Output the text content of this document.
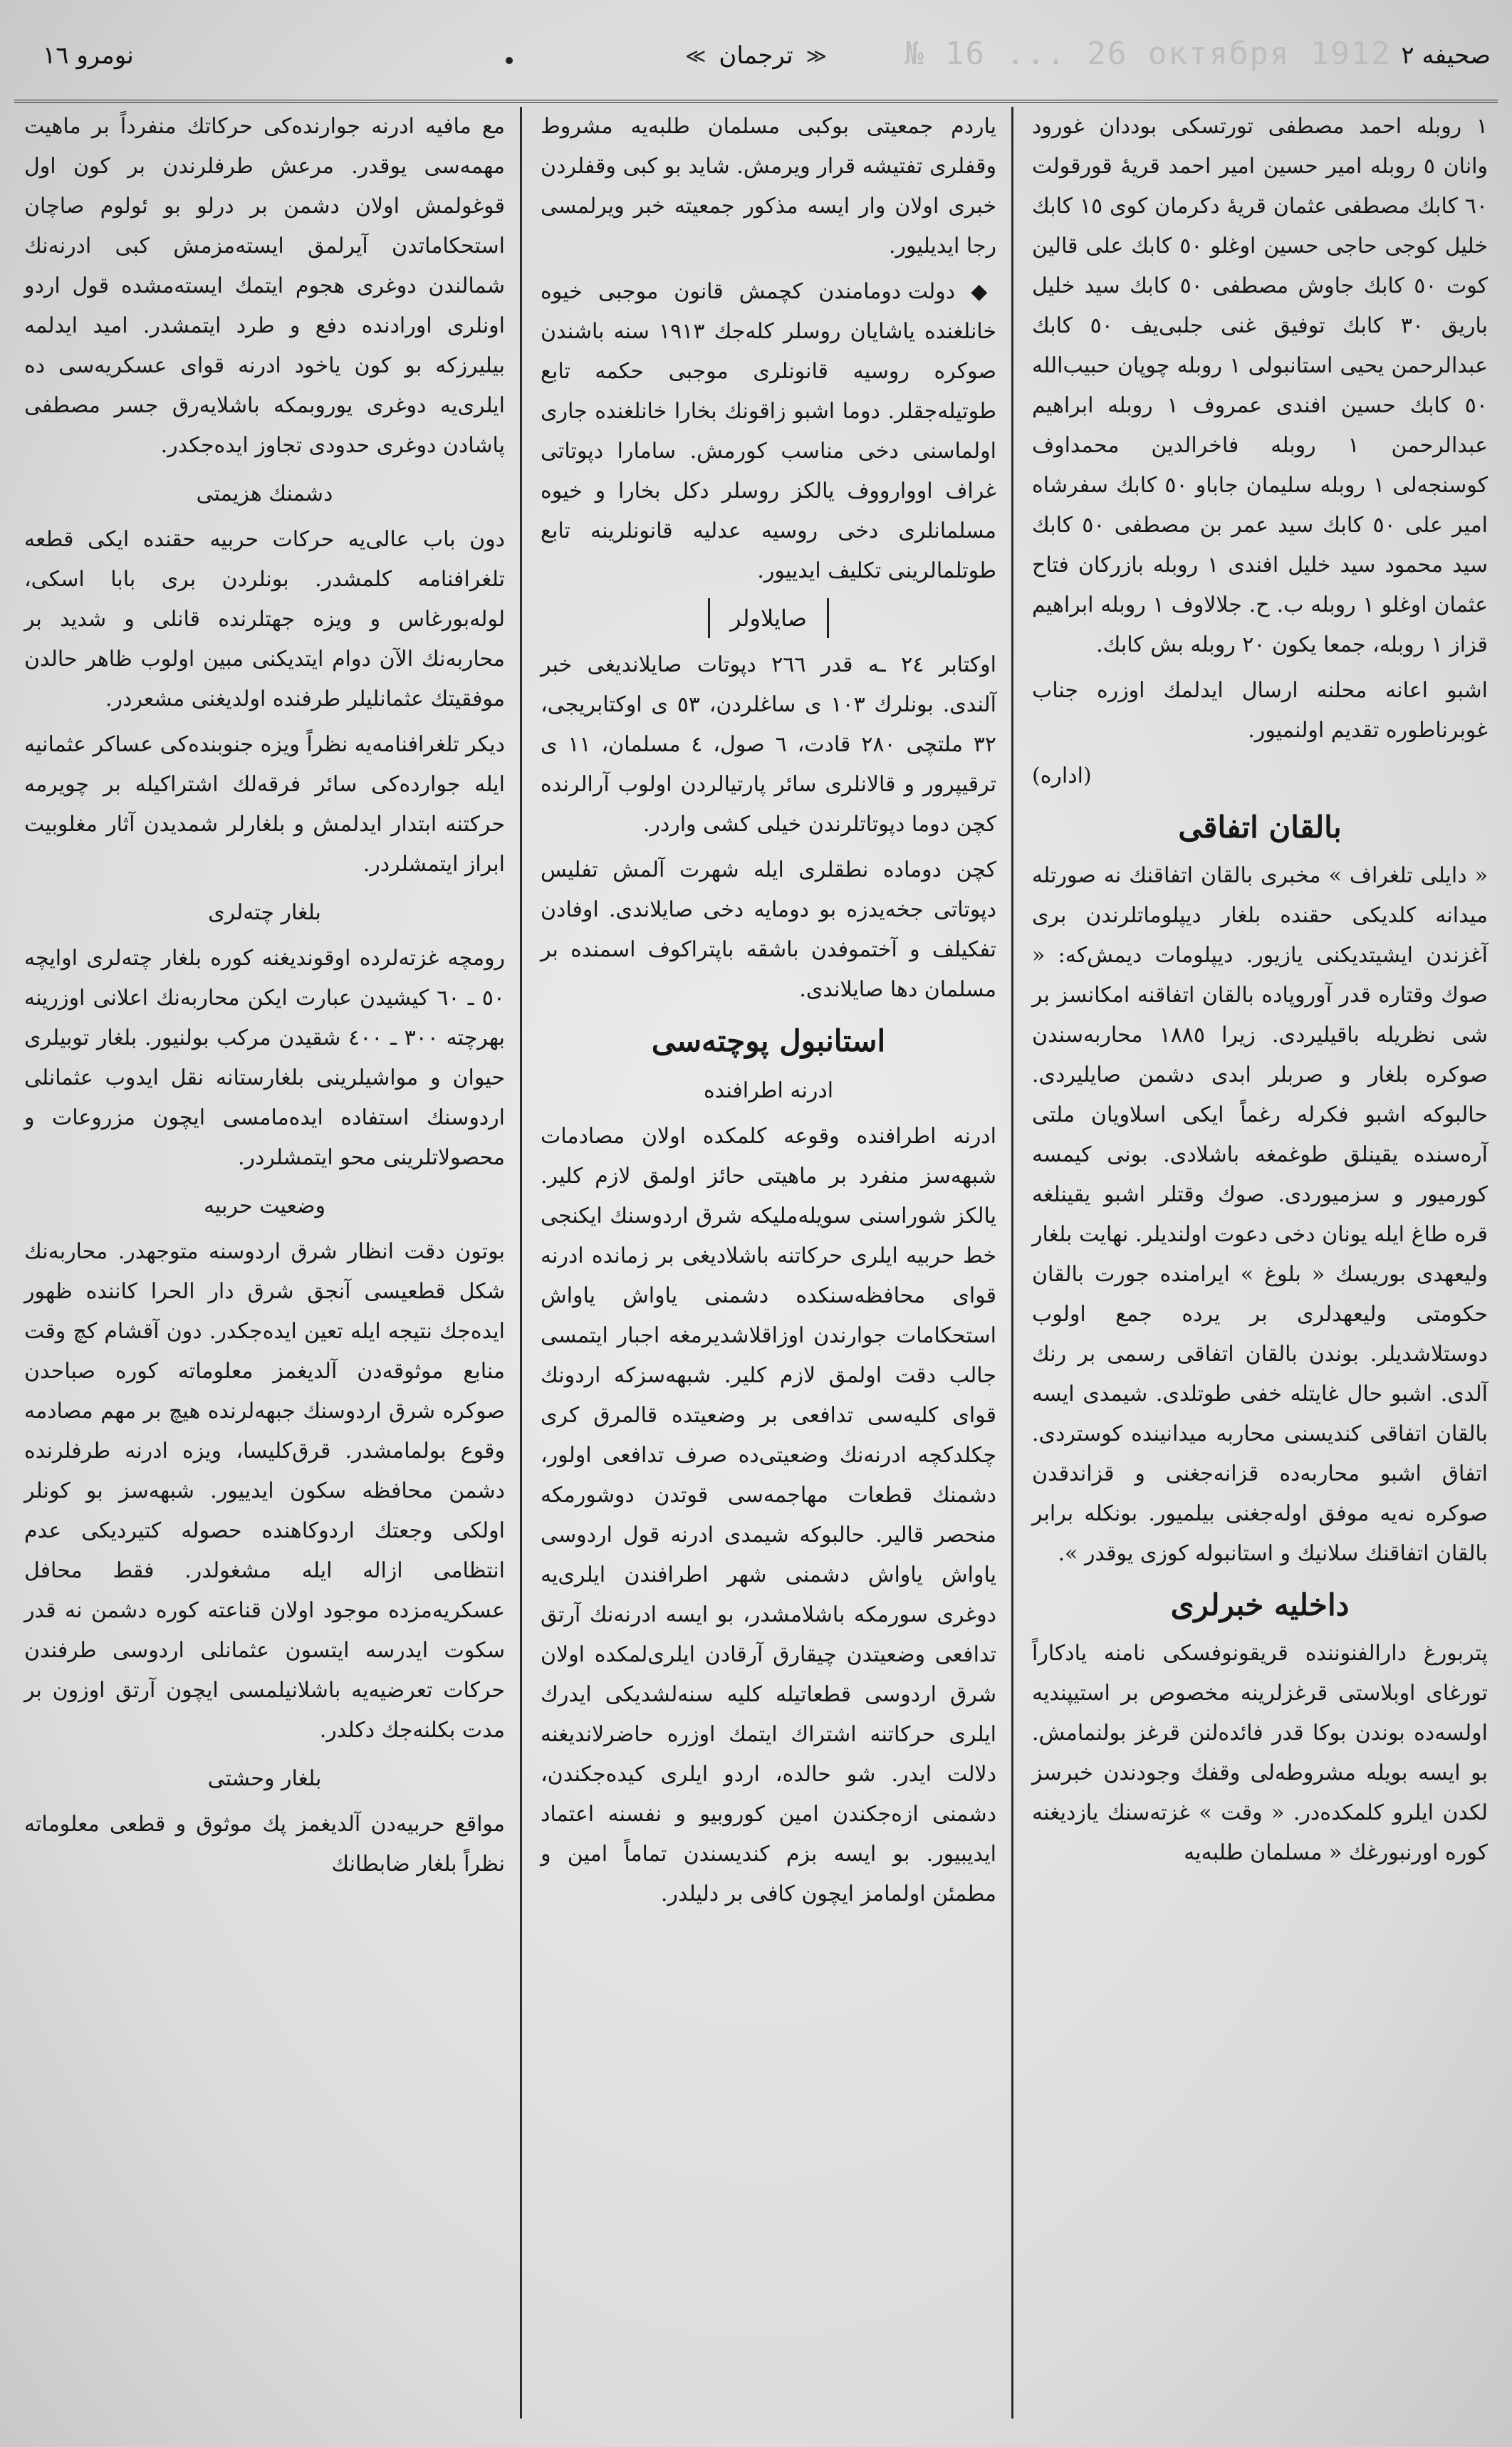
نومرو ١٦	№ 16 ... 26 октября 1912
≪
ترجمان
≫	صحیفه ٢

١ روبله احمد مصطفی تورتسکی بوددان غورود وانان ٥ روبله امیر حسین امیر احمد قریهٔ قورقولت ٦٠ کابك مصطفی عثمان قریهٔ دکرمان کوی ١٥ کابك خلیل کوجی حاجی حسین اوغلو ٥٠ کابك علی قالین کوت ٥٠ کابك جاوش مصطفی ٥٠ کابك سید خلیل باریق ٣٠ کابك توفیق غنی جلبی‌یف ٥٠ کابك عبدالرحمن یحیی استانبولی ١ روبله چوپان حبیب‌الله ٥٠ کابك حسین افندی عمروف ١ روبله ابراهیم عبدالرحمن ١ روبله فاخرالدین محمداوف کوسنجه‌لی ١ روبله سلیمان جاباو ٥٠ کابك سفرشاه امیر علی ٥٠ کابك سید عمر بن مصطفی ٥٠ کابك سید محمود سید خلیل افندی ١ روبله بازرکان فتاح عثمان اوغلو ١ روبله ب. ح. جلالاوف ١ روبله ابراهیم قزاز ١ روبله، جمعا یکون ٢٠ روبله بش کابك.

اشبو اعانه محلنه ارسال ایدلمك اوزره جناب غوبرناطوره تقدیم اولنمیور.

(اداره)

بالقان اتفاقی

« دایلی تلغراف » مخبری بالقان اتفاقنك نه صورتله میدانه کلدیکی حقنده بلغار دیپلوماتلرندن بری آغزندن ایشیتدیکنی یازیور. دیپلومات دیمش‌که: « صوك وقتاره قدر آوروپاده بالقان اتفاقنه امکانسز بر شی نظریله باقیلیردی. زیرا ١٨٨٥ محاربه‌سندن صوکره بلغار و صربلر ابدی دشمن صایلیردی. حالبوکه اشبو فکرله رغماً ایکی اسلاویان ملتی آره‌سنده یقینلق طوغمغه باشلادی. بونی کیمسه کورمیور و سزمیوردی. صوك وقتلر اشبو یقینلغه قره طاغ ایله یونان دخی دعوت اولندیلر. نهایت بلغار ولیعهدی بوریسك « بلوغ » ایرامنده جورت بالقان حکومتی ولیعهدلری بر یرده جمع اولوب دوستلاشدیلر. بوندن بالقان اتفاقی رسمی بر رنك آلدی. اشبو حال غایتله خفی طوتلدی. شیمدی ایسه بالقان اتفاقی کندیسنی محاربه میدانینده کوستردی. اتفاق اشبو محاربه‌ده قزانه‌جغنی و قزاندقدن صوکره نه‌یه موفق اوله‌جغنی بیلمیور. بونکله برابر بالقان اتفاقنك سلانیك و استانبوله کوزی یوقدر ».

داخلیه خبرلری

پتربورغ دارالفنوننده قریقونوفسکی نامنه یادکاراً تورغای اوبلاستی قرغزلرینه مخصوص بر استیپندیه اولسه‌ده بوندن بوکا قدر فائده‌لنن قرغز بولنمامش. بو ایسه بویله مشروطه‌لی وقفك وجودندن خبرسز لکدن ایلرو کلمکده‌در. « وقت » غزته‌سنك یازدیغنه کوره اورنبورغك « مسلمان طلبه‌یه

یاردم جمعیتی بوکبی مسلمان طلبه‌یه مشروط وقفلری تفتیشه قرار ویرمش. شاید بو کبی وقفلردن خبری اولان وار ایسه مذکور جمعیته خبر ویرلمسی رجا ایدیلیور.

◆ دولت دومامندن کچمش قانون موجبی خیوه خانلغنده یاشایان روسلر کله‌جك ١٩١٣ سنه باشندن صوکره روسیه قانونلری موجبی حکمه تابع طوتیله‌جقلر. دوما اشبو زاقونك بخارا خانلغنده جاری اولماسنی دخی مناسب کورمش. سامارا دپوتاتی غراف اووارووف یالکز روسلر دکل بخارا و خیوه مسلمانلری دخی روسیه عدلیه قانونلرینه تابع طوتلمالرینی تکلیف ایدییور.

صایلاولر

اوکتابر ٢٤ ـه قدر ٢٦٦ دپوتات صایلاندیغی خبر آلندی. بونلرك ١٠٣ ی ساغلردن، ٥٣ ی اوکتابریجی، ٣٢ ملتچی ٢٨٠ قادت، ٦ صول، ٤ مسلمان، ١١ ی ترقیپرور و قالانلری سائر پارتیالردن اولوب آرالرنده کچن دوما دپوتاتلرندن خیلی کشی واردر.

کچن دوماده نطقلری ایله شهرت آلمش تفلیس دپوتاتی جخه‌یدزه بو دومایه دخی صایلاندی. اوفادن تفکیلف و آختموفدن باشقه باپتراکوف اسمنده بر مسلمان دها صایلاندی.

استانبول پوچته‌سی
ادرنه اطرافنده

ادرنه اطرافنده وقوعه کلمکده اولان مصادمات شبهه‌سز منفرد بر ماهیتی حائز اولمق لازم کلیر. یالکز شوراسنی سویله‌ملیکه شرق اردوسنك ایکنجی خط حربیه ایلری حرکاتنه باشلادیغی بر زمانده ادرنه قوای محافظه‌سنکده دشمنی یاواش یاواش استحکامات جوارندن اوزاقلاشدیرمغه اجبار ایتمسی جالب دقت اولمق لازم کلیر. شبهه‌سزکه اردونك قوای کلیه‌سی تدافعی بر وضعیتده قالمرق کری چکلدکچه ادرنه‌نك وضعیتی‌ده صرف تدافعی اولور، دشمنك قطعات مهاجمه‌سی قوتدن دوشورمکه منحصر قالیر. حالبوکه شیمدی ادرنه قول اردوسی یاواش یاواش دشمنی شهر اطرافندن ایلری‌یه دوغری سورمکه باشلامشدر، بو ایسه ادرنه‌نك آرتق تدافعی وضعیتدن چیقارق آرقادن ایلری‌لمکده اولان شرق اردوسی قطعاتیله کلیه سنه‌لشدیکی ایدرك ایلری حرکاتنه اشتراك ایتمك اوزره حاضرلاندیغنه دلالت ایدر. شو حالده، اردو ایلری کیده‌جکندن، دشمنی ازه‌جکندن امین کوروبیو و نفسنه اعتماد ایدیبیور. بو ایسه بزم کندیسندن تماماً امین و مطمئن اولمامز ایچون کافی بر دلیلدر.

مع مافیه ادرنه جوارنده‌کی حرکاتك منفرداً بر ماهیت مهمه‌سی یوقدر. مرعش طرفلرندن بر کون اول قوغولمش اولان دشمن بر درلو بو ئولوم صاچان استحکاماتدن آیرلمق ایسته‌مزمش کبی ادرنه‌نك شمالندن دوغری هجوم ایتمك ایسته‌مشده قول اردو اونلری اورادنده دفع و طرد ایتمشدر. امید ایدلمه بیلیرزکه بو کون یاخود ادرنه قوای عسکریه‌سی ده ایلری‌یه دوغری یوروبمکه باشلایه‌رق جسر مصطفی پاشادن دوغری حدودی تجاوز ایده‌جکدر.

دشمنك هزیمتی

دون باب عالی‌یه حرکات حربیه حقنده ایکی قطعه تلغرافنامه کلمشدر. بونلردن بری بابا اسکی، لوله‌بورغاس و ویزه جهتلرنده قانلی و شدید بر محاربه‌نك الآن دوام ایتدیکنی مبین اولوب ظاهر حالدن موفقیتك عثمانلیلر طرفنده اولدیغنی مشعردر.

دیکر تلغرافنامه‌یه نظراً ویزه جنوبنده‌کی عساکر عثمانیه ایله جوارده‌کی سائر فرقه‌لك اشتراکیله بر چویرمه حرکتنه ابتدار ایدلمش و بلغارلر شمدیدن آثار مغلوبیت ابراز ایتمشلردر.

بلغار چته‌لری

رومچه غزته‌لرده اوقوندیغنه کوره بلغار چته‌لری اوایچه ٥٠ ـ ٦٠ کیشیدن عبارت ایکن محاربه‌نك اعلانی اوزرینه بهرچته ٣٠٠ ـ ٤٠٠ شقیدن مرکب بولنیور. بلغار توبیلری حیوان و مواشیلرینی بلغارستانه نقل ایدوب عثمانلی اردوسنك استفاده ایده‌مامسی ایچون مزروعات و محصولاتلرینی محو ایتمشلردر.

وضعیت حربیه

بوتون دقت انظار شرق اردوسنه متوجهدر. محاربه‌نك شکل قطعیسی آنجق شرق دار الحرا کاننده ظهور ایده‌جك نتیجه ایله تعین ایده‌جکدر. دون آقشام کچ وقت منابع موثوقه‌دن آلدیغمز معلوماته کوره صباحدن صوکره شرق اردوسنك جبهه‌لرنده هیچ بر مهم مصادمه وقوع بولمامشدر. قرق‌کلیسا، ویزه ادرنه طرفلرنده دشمن محافظه سکون ایدییور. شبهه‌سز بو کونلر اولکی وجعتك اردوکاهنده حصوله کتیردیکی عدم انتظامی ازاله ایله مشغولدر. فقط محافل عسکریه‌مزده موجود اولان قناعته کوره دشمن نه قدر سکوت ایدرسه ایتسون عثمانلی اردوسی طرفندن حرکات تعرضیه‌یه باشلانیلمسی ایچون آرتق اوزون بر مدت بکلنه‌جك دکلدر.

بلغار وحشتی

مواقع حربیه‌دن آلدیغمز پك موثوق و قطعی معلوماته نظراً بلغار ضابطانك
